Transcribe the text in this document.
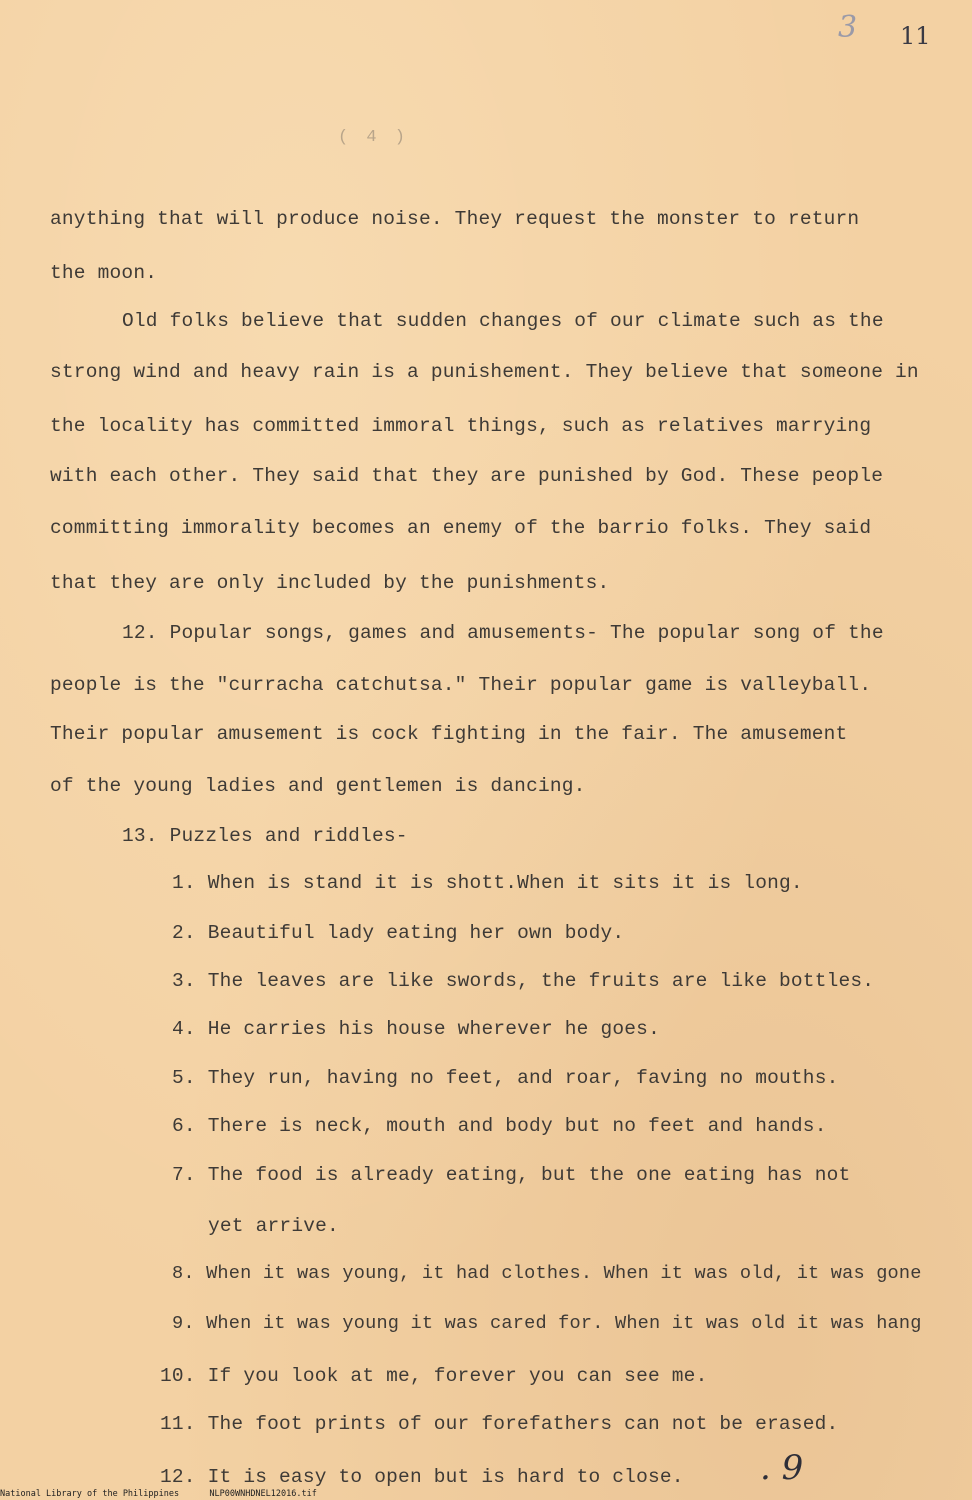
3 11
( 4 )
anything that will produce noise. They request the monster to return
the moon.
Old folks believe that sudden changes of our climate such as the
strong wind and heavy rain is a punishement. They believe that someone in
the locality has committed immoral things, such as relatives marrying
with each other. They said that they are punished by God. These people
committing immorality becomes an enemy of the barrio folks. They said
that they are only included by the punishments.
12. Popular songs, games and amusements- The popular song of the
people is the "curracha catchutsa." Their popular game is valleyball.
Their popular amusement is cock fighting in the fair. The amusement
of the young ladies and gentlemen is dancing.
13. Puzzles and riddles-
1. When is stand it is shott.When it sits it is long.
2. Beautiful lady eating her own body.
3. The leaves are like swords, the fruits are like bottles.
4. He carries his house wherever he goes.
5. They run, having no feet, and roar, faving no mouths.
6. There is neck, mouth and body but no feet and hands.
7. The food is already eating, but the one eating has not
yet arrive.
8. When it was young, it had clothes. When it was old, it was gone
9. When it was young it was cared for. When it was old it was hang
10. If you look at me, forever you can see me.
11. The foot prints of our forefathers can not be erased.
12. It is easy to open but is hard to close. . 9
National Library of the Philippines	NLP00WNHDNEL12016.tif
